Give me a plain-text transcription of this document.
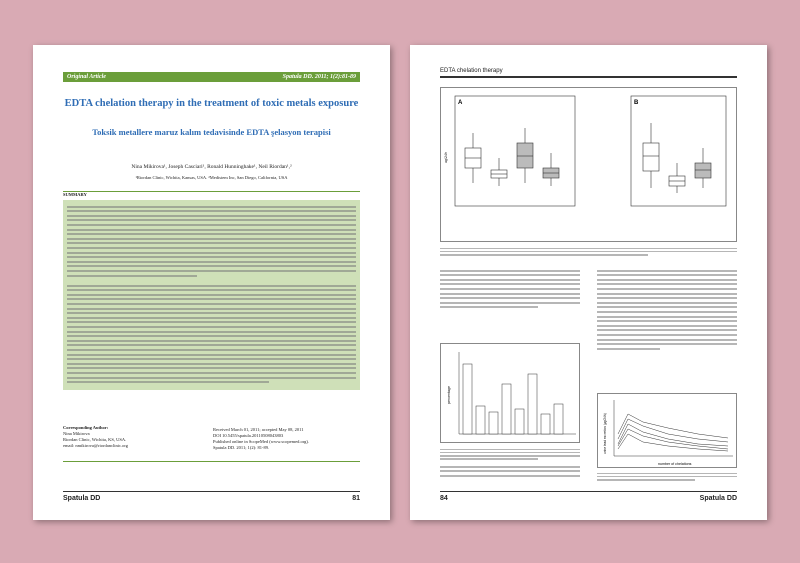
Original Article	Spatula DD. 2011; 1(2):81-89
EDTA chelation therapy in the treatment of toxic metals exposure
Toksik metallere maruz kalım tedavisinde EDTA şelasyon terapisi
Nina Mikirova¹, Joseph Casciari¹, Ronald Hunninghake¹, Neil Riordan¹,²
¹Riordan Clinic, Wichita, Kansas, USA. ²Medistem Inc, San Diego, California, USA
SUMMARY
Corresponding Author:
Nina Mikirova
Riordan Clinic, Wichita, KS, USA.
email: nmikirova@riordanclinic.org
Received March 01, 2011; accepted May 08, 2011
DOI 10.5455/spatula.20110508043803
Published online in ScopeMed (www.scopemed.org).
Spatula DD. 2011; 1(2): 81-89.
Spatula DD	81
EDTA chelation therapy
A	B
ug/24h
percentage
urine lead excretion (µg/24h)
number of chelations
Spatula DD
84
